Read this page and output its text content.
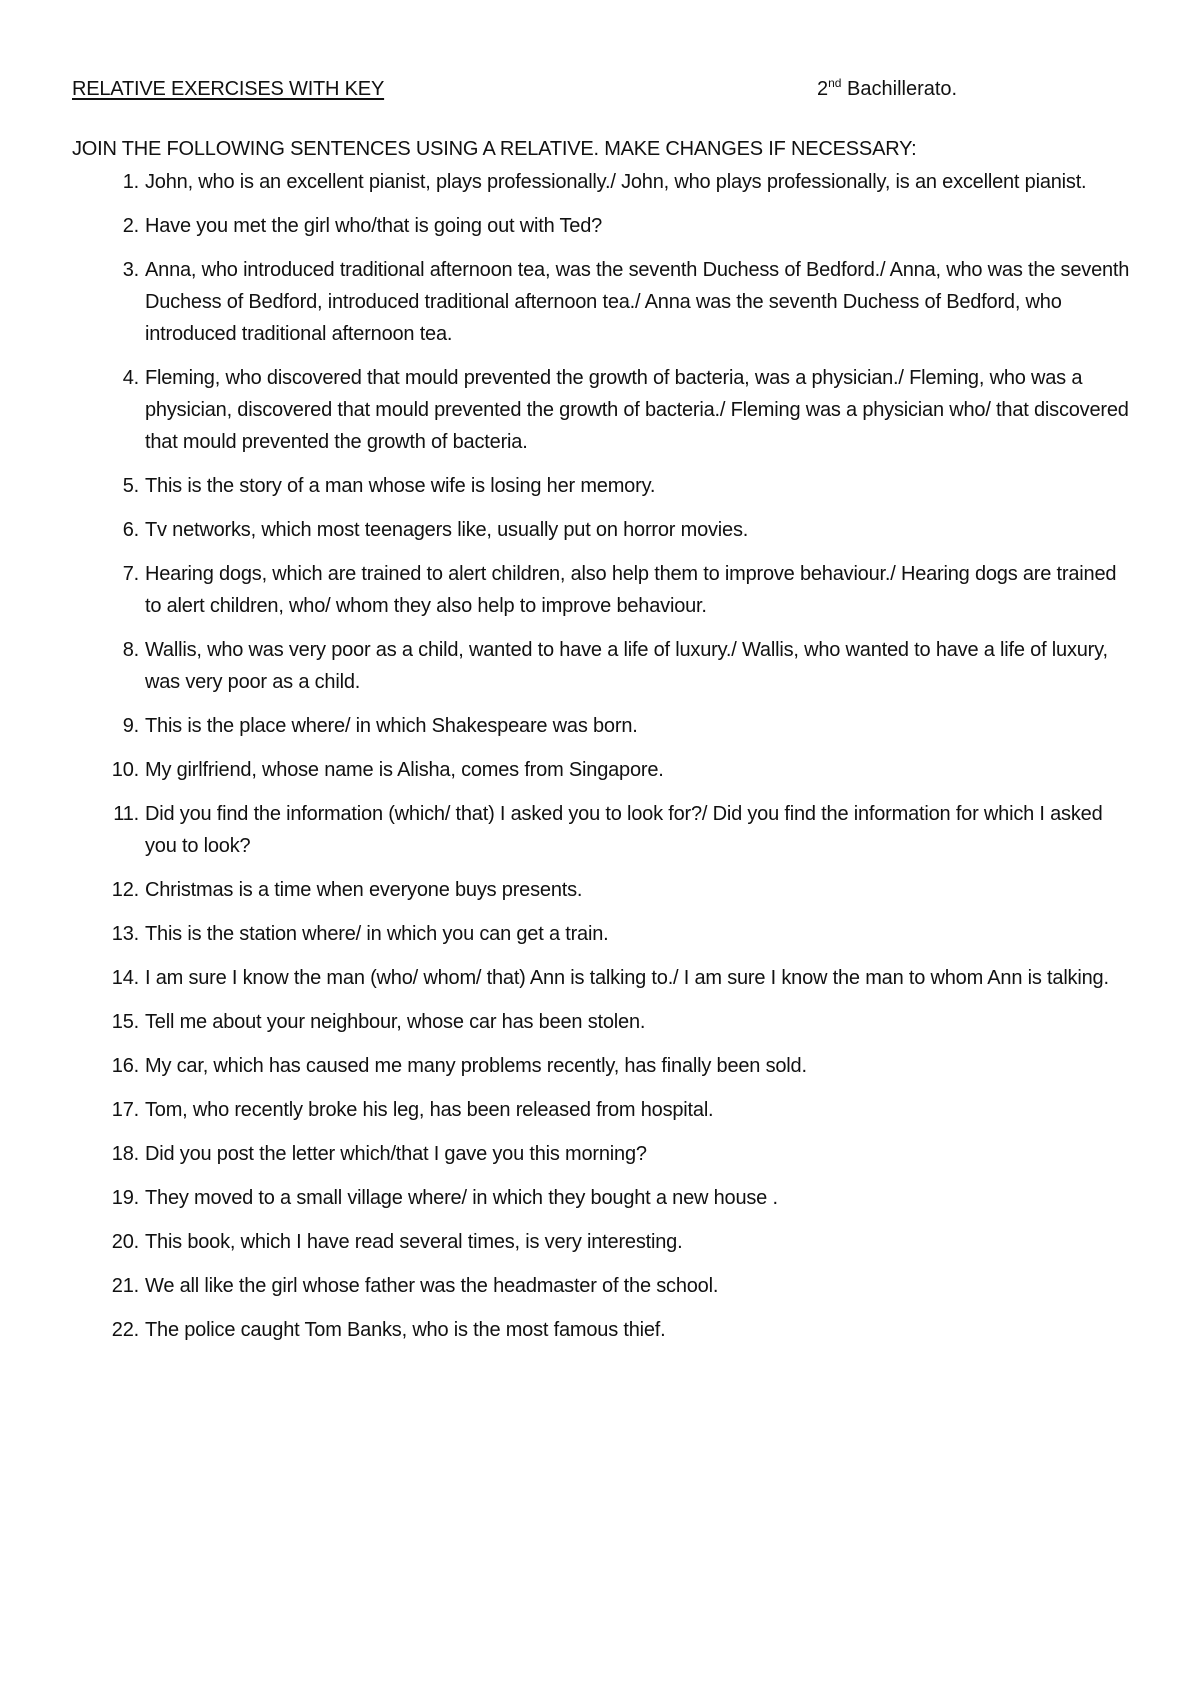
RELATIVE EXERCISES WITH KEY	2nd Bachillerato.
JOIN THE FOLLOWING SENTENCES USING A RELATIVE. MAKE CHANGES IF NECESSARY:
1. John, who is an excellent pianist, plays professionally./ John, who plays professionally, is an excellent pianist.
2. Have you met the girl who/that is going out with Ted?
3. Anna, who introduced traditional afternoon tea, was the seventh Duchess of Bedford./ Anna, who was the seventh Duchess of Bedford, introduced traditional afternoon tea./ Anna was the seventh Duchess of Bedford, who introduced traditional afternoon tea.
4. Fleming, who discovered that mould prevented the growth of bacteria, was a physician./ Fleming, who was a physician, discovered that mould prevented the growth of bacteria./ Fleming was a physician who/ that discovered that mould prevented the growth of bacteria.
5. This is the story of a man whose wife is losing her memory.
6. Tv networks, which most teenagers like, usually put on horror movies.
7. Hearing dogs, which are trained to alert children, also help them to improve behaviour./ Hearing dogs are trained to alert children, who/ whom they also help to improve behaviour.
8. Wallis, who was very poor as a child, wanted to have a life of luxury./ Wallis, who wanted to have a life of luxury, was very poor as a child.
9. This is the place where/ in which Shakespeare was born.
10. My girlfriend, whose name is Alisha, comes from Singapore.
11. Did you find the information (which/ that) I asked you to look for?/ Did you find the information for which I asked you to look?
12. Christmas is a time when everyone buys presents.
13. This is the station where/ in which you can get a train.
14. I am sure I know the man (who/ whom/ that) Ann is talking to./ I am sure I know the man to whom Ann is talking.
15. Tell me about your neighbour, whose car has been stolen.
16. My car, which has caused me many problems recently, has finally been sold.
17. Tom, who recently broke his leg, has been released from hospital.
18. Did you post the letter which/that I gave you this morning?
19. They moved to a small village where/ in which they bought a new house .
20. This book, which I have read several times, is very interesting.
21. We all like the girl whose father was the headmaster of the school.
22. The police caught Tom Banks, who is the most famous thief.
